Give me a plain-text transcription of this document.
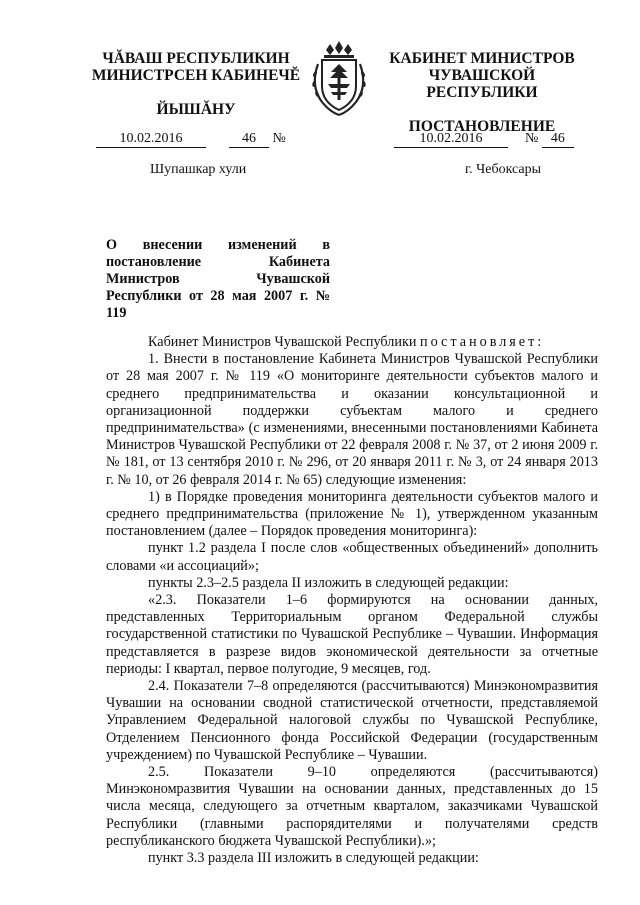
ЧĂВАШ РЕСПУБЛИКИН
МИНИСТРСЕН КАБИНЕЧĔ
ЙЫШĂНУ
КАБИНЕТ МИНИСТРОВ
ЧУВАШСКОЙ РЕСПУБЛИКИ
ПОСТАНОВЛЕНИЕ
10.02.2016	46 №	10.02.2016	№ 46
Шупашкар хули	г. Чебоксары
О внесении изменений в постановление Кабинета Министров Чувашской Республики от 28 мая 2007 г. № 119

Кабинет Министров Чувашской Республики постановляет:

1. Внести в постановление Кабинета Министров Чувашской Республики от 28 мая 2007 г. № 119 «О мониторинге деятельности субъектов малого и среднего предпринимательства и оказании консультационной и организационной поддержки субъектам малого и среднего предпринимательства» (с изменениями, внесенными постановлениями Кабинета Министров Чувашской Республики от 22 февраля 2008 г. № 37, от 2 июня 2009 г. № 181, от 13 сентября 2010 г. № 296, от 20 января 2011 г. № 3, от 24 января 2013 г. № 10, от 26 февраля 2014 г. № 65) следующие изменения:

1) в Порядке проведения мониторинга деятельности субъектов малого и среднего предпринимательства (приложение № 1), утвержденном указанным постановлением (далее – Порядок проведения мониторинга):

пункт 1.2 раздела I после слов «общественных объединений» дополнить словами «и ассоциаций»;

пункты 2.3–2.5 раздела II изложить в следующей редакции:

«2.3. Показатели 1–6 формируются на основании данных, представленных Территориальным органом Федеральной службы государственной статистики по Чувашской Республике – Чувашии. Информация представляется в разрезе видов экономической деятельности за отчетные периоды: I квартал, первое полугодие, 9 месяцев, год.

2.4. Показатели 7–8 определяются (рассчитываются) Минэкономразвития Чувашии на основании сводной статистической отчетности, представляемой Управлением Федеральной налоговой службы по Чувашской Республике, Отделением Пенсионного фонда Российской Федерации (государственным учреждением) по Чувашской Республике – Чувашии.

2.5. Показатели 9–10 определяются (рассчитываются) Минэкономразвития Чувашии на основании данных, представленных до 15 числа месяца, следующего за отчетным кварталом, заказчиками Чувашской Республики (главными распорядителями и получателями средств республиканского бюджета Чувашской Республики).»;

пункт 3.3 раздела III изложить в следующей редакции:
